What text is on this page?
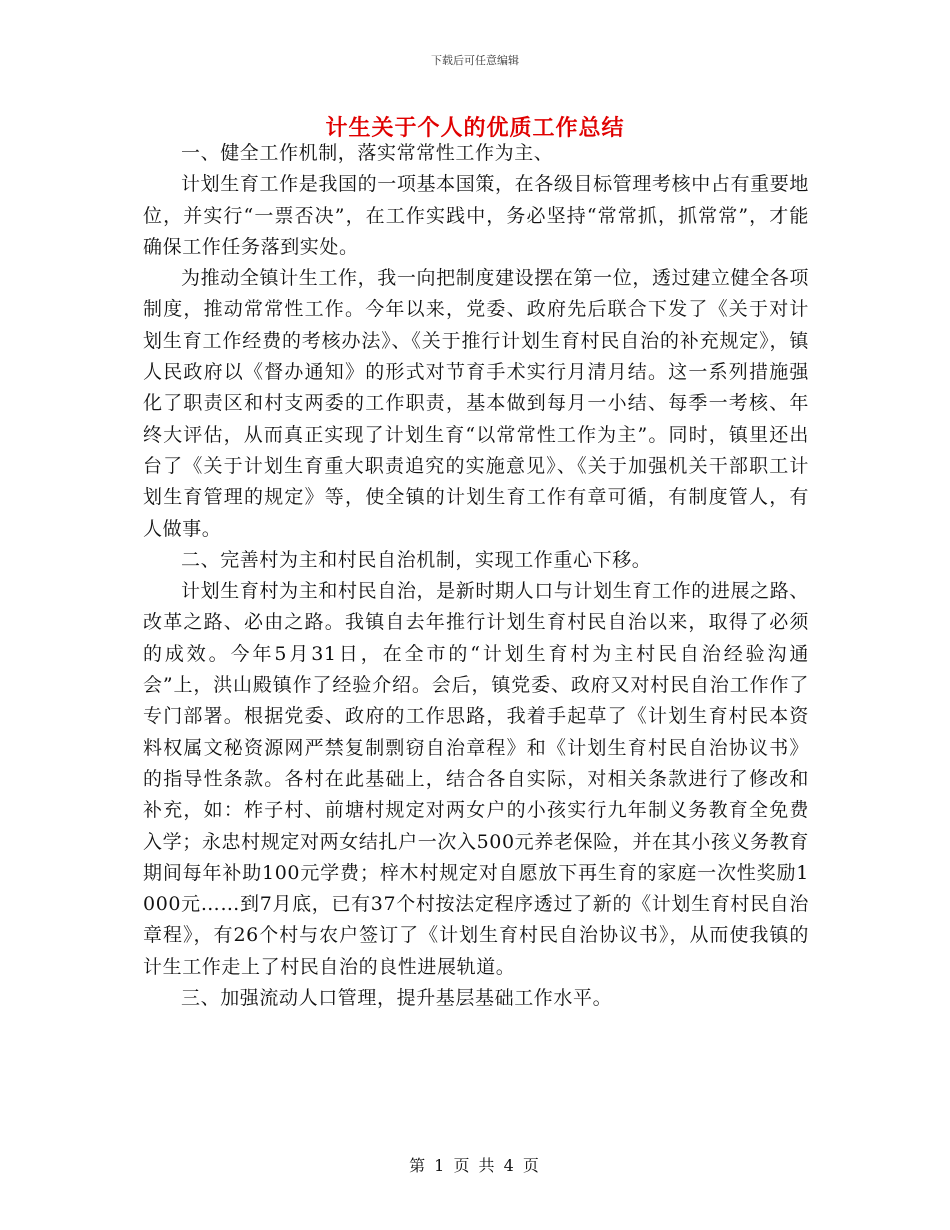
下载后可任意编辑
计生关于个人的优质工作总结

一、健全工作机制，落实常常性工作为主、

计划生育工作是我国的一项基本国策，在各级目标管理考核中占有重要地位，并实行“一票否决”，在工作实践中，务必坚持“常常抓，抓常常”，才能确保工作任务落到实处。

为推动全镇计生工作，我一向把制度建设摆在第一位，透过建立健全各项制度，推动常常性工作。今年以来，党委、政府先后联合下发了《关于对计划生育工作经费的考核办法》、《关于推行计划生育村民自治的补充规定》，镇人民政府以《督办通知》的形式对节育手术实行月清月结。这一系列措施强化了职责区和村支两委的工作职责，基本做到每月一小结、每季一考核、年终大评估，从而真正实现了计划生育“以常常性工作为主”。同时，镇里还出台了《关于计划生育重大职责追究的实施意见》、《关于加强机关干部职工计划生育管理的规定》等，使全镇的计划生育工作有章可循，有制度管人，有人做事。

二、完善村为主和村民自治机制，实现工作重心下移。

计划生育村为主和村民自治，是新时期人口与计划生育工作的进展之路、改革之路、必由之路。我镇自去年推行计划生育村民自治以来，取得了必须的成效。今年5月31日，在全市的“计划生育村为主村民自治经验沟通会”上，洪山殿镇作了经验介绍。会后，镇党委、政府又对村民自治工作作了专门部署。根据党委、政府的工作思路，我着手起草了《计划生育村民本资料权属文秘资源网严禁复制剽窃自治章程》和《计划生育村民自治协议书》的指导性条款。各村在此基础上，结合各自实际，对相关条款进行了修改和补充，如：柞子村、前塘村规定对两女户的小孩实行九年制义务教育全免费入学；永忠村规定对两女结扎户一次入500元养老保险，并在其小孩义务教育期间每年补助100元学费；梓木村规定对自愿放下再生育的家庭一次性奖励1000元……到7月底，已有37个村按法定程序透过了新的《计划生育村民自治章程》，有26个村与农户签订了《计划生育村民自治协议书》，从而使我镇的计生工作走上了村民自治的良性进展轨道。

三、加强流动人口管理，提升基层基础工作水平。

第 1 页 共 4 页
